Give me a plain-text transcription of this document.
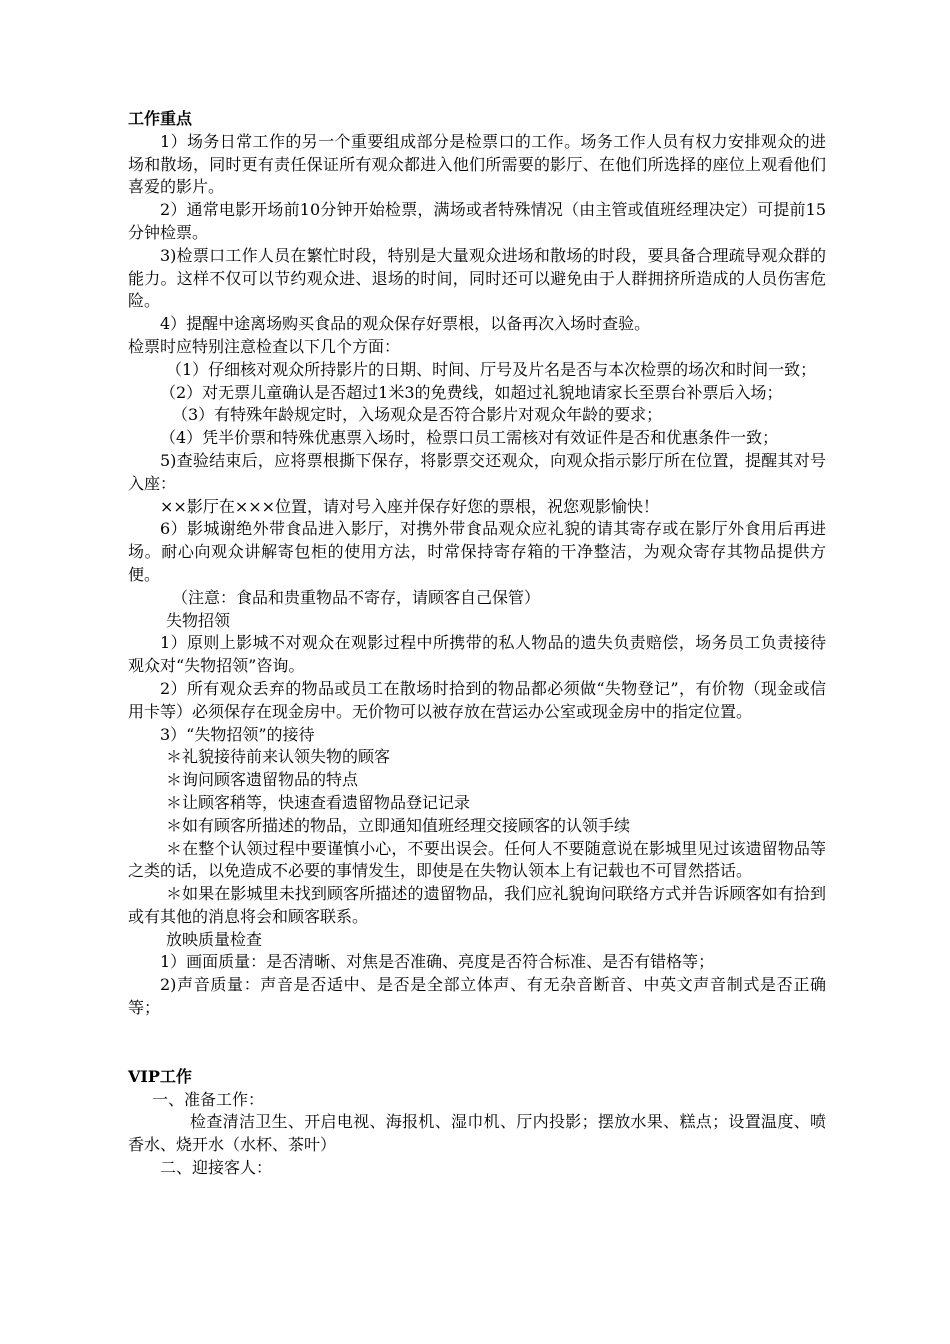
工作重点

1）场务日常工作的另一个重要组成部分是检票口的工作。场务工作人员有权力安排观众的进场和散场，同时更有责任保证所有观众都进入他们所需要的影厅、在他们所选择的座位上观看他们喜爱的影片。

2）通常电影开场前10分钟开始检票，满场或者特殊情况（由主管或值班经理决定）可提前15分钟检票。

3)检票口工作人员在繁忙时段，特别是大量观众进场和散场的时段，要具备合理疏导观众群的能力。这样不仅可以节约观众进、退场的时间，同时还可以避免由于人群拥挤所造成的人员伤害危险。

4）提醒中途离场购买食品的观众保存好票根，以备再次入场时查验。

检票时应特别注意检查以下几个方面：

（1）仔细核对观众所持影片的日期、时间、厅号及片名是否与本次检票的场次和时间一致；

（2）对无票儿童确认是否超过1米3的免费线，如超过礼貌地请家长至票台补票后入场；

（3）有特殊年龄规定时，入场观众是否符合影片对观众年龄的要求；

（4）凭半价票和特殊优惠票入场时，检票口员工需核对有效证件是否和优惠条件一致；

5)查验结束后，应将票根撕下保存，将影票交还观众，向观众指示影厅所在位置，提醒其对号入座：

××影厅在×××位置，请对号入座并保存好您的票根，祝您观影愉快！

6）影城谢绝外带食品进入影厅，对携外带食品观众应礼貌的请其寄存或在影厅外食用后再进场。耐心向观众讲解寄包柜的使用方法，时常保持寄存箱的干净整洁，为观众寄存其物品提供方便。

（注意：食品和贵重物品不寄存，请顾客自己保管）

失物招领

1）原则上影城不对观众在观影过程中所携带的私人物品的遗失负责赔偿，场务员工负责接待观众对“失物招领”咨询。

2）所有观众丢弃的物品或员工在散场时拾到的物品都必须做“失物登记”，有价物（现金或信用卡等）必须保存在现金房中。无价物可以被存放在营运办公室或现金房中的指定位置。

3）“失物招领”的接待

＊礼貌接待前来认领失物的顾客

＊询问顾客遗留物品的特点

＊让顾客稍等，快速查看遗留物品登记记录

＊如有顾客所描述的物品，立即通知值班经理交接顾客的认领手续

＊在整个认领过程中要谨慎小心，不要出误会。任何人不要随意说在影城里见过该遗留物品等之类的话，以免造成不必要的事情发生，即使是在失物认领本上有记载也不可冒然搭话。

＊如果在影城里未找到顾客所描述的遗留物品，我们应礼貌询问联络方式并告诉顾客如有拾到或有其他的消息将会和顾客联系。

放映质量检查

1）画面质量：是否清晰、对焦是否准确、亮度是否符合标准、是否有错格等；

2)声音质量：声音是否适中、是否是全部立体声、有无杂音断音、中英文声音制式是否正确等；

VIP工作

一、准备工作：

检查清洁卫生、开启电视、海报机、湿巾机、厅内投影；摆放水果、糕点；设置温度、喷香水、烧开水（水杯、茶叶）

二、迎接客人：
